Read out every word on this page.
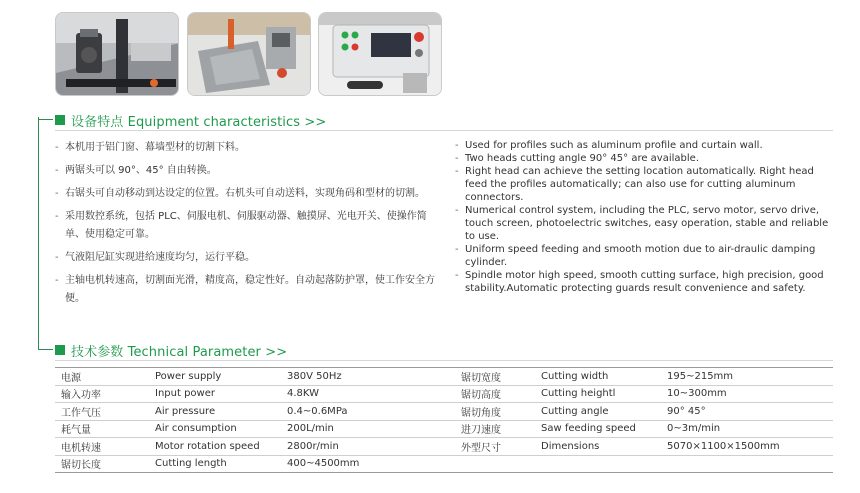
设备特点 Equipment characteristics >>
- 本机用于铝门窗、幕墙型材的切割下料。
- 两锯头可以 90°、45° 自由转换。
- 右锯头可自动移动到达设定的位置。右机头可自动送料，实现角码和型材的切割。
- 采用数控系统，包括 PLC、伺服电机、伺服驱动器、触摸屏、光电开关、使操作简单、使用稳定可靠。
- 气液阻尼缸实现进给速度均匀，运行平稳。
- 主轴电机转速高，切割面光滑，精度高，稳定性好。自动起落防护罩，使工作安全方便。
- Used for profiles such as aluminum profile and curtain wall.
- Two heads cutting angle 90° 45° are available.
- Right head can achieve the setting location automatically. Right head feed the profiles automatically; can also use for cutting aluminum connectors.
- Numerical control system, including the PLC, servo motor, servo drive, touch screen, photoelectric switches, easy operation, stable and reliable to use.
- Uniform speed feeding and smooth motion due to air-draulic damping cylinder.
- Spindle motor high speed, smooth cutting surface, high precision, good stability.Automatic protecting guards result convenience and safety.
技术参数 Technical Parameter >>
电源	Power supply	380V 50Hz	锯切宽度	Cutting width	195~215mm
输入功率	Input power	4.8KW	锯切高度	Cutting heightl	10~300mm
工作气压	Air pressure	0.4~0.6MPa	锯切角度	Cutting angle	90° 45°
耗气量	Air consumption	200L/min	进刀速度	Saw feeding speed	0~3m/min
电机转速	Motor rotation speed	2800r/min	外型尺寸	Dimensions	5070×1100×1500mm
锯切长度	Cutting length	400~4500mm			
